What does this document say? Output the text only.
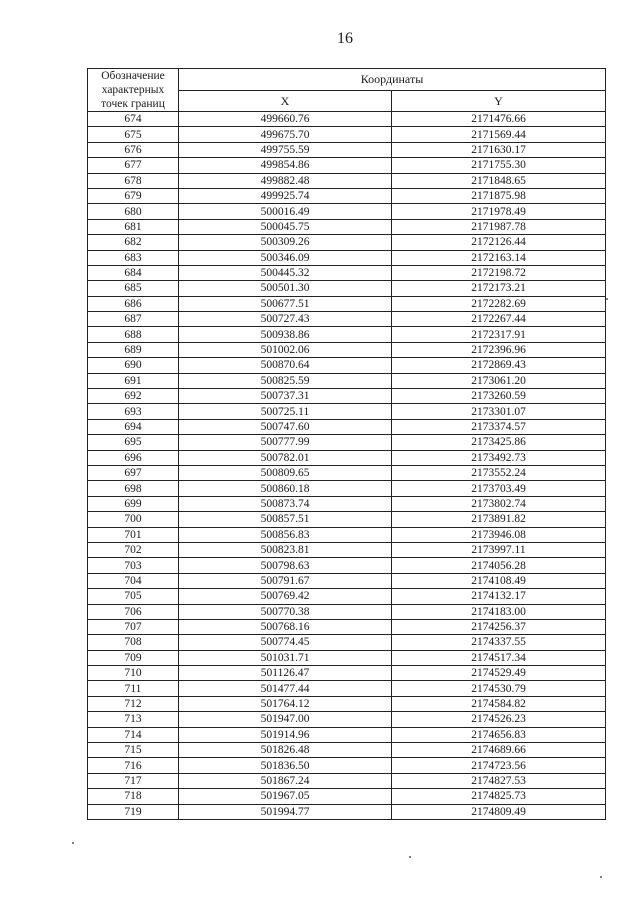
16
Обозначение
характерных
точек границ	Координаты	
	X	Y
674	499660.76	2171476.66
675	499675.70	2171569.44
676	499755.59	2171630.17
677	499854.86	2171755.30
678	499882.48	2171848.65
679	499925.74	2171875.98
680	500016.49	2171978.49
681	500045.75	2171987.78
682	500309.26	2172126.44
683	500346.09	2172163.14
684	500445.32	2172198.72
685	500501.30	2172173.21
686	500677.51	2172282.69
687	500727.43	2172267.44
688	500938.86	2172317.91
689	501002.06	2172396.96
690	500870.64	2172869.43
691	500825.59	2173061.20
692	500737.31	2173260.59
693	500725.11	2173301.07
694	500747.60	2173374.57
695	500777.99	2173425.86
696	500782.01	2173492.73
697	500809.65	2173552.24
698	500860.18	2173703.49
699	500873.74	2173802.74
700	500857.51	2173891.82
701	500856.83	2173946.08
702	500823.81	2173997.11
703	500798.63	2174056.28
704	500791.67	2174108.49
705	500769.42	2174132.17
706	500770.38	2174183.00
707	500768.16	2174256.37
708	500774.45	2174337.55
709	501031.71	2174517.34
710	501126.47	2174529.49
711	501477.44	2174530.79
712	501764.12	2174584.82
713	501947.00	2174526.23
714	501914.96	2174656.83
715	501826.48	2174689.66
716	501836.50	2174723.56
717	501867.24	2174827.53
718	501967.05	2174825.73
719	501994.77	2174809.49
